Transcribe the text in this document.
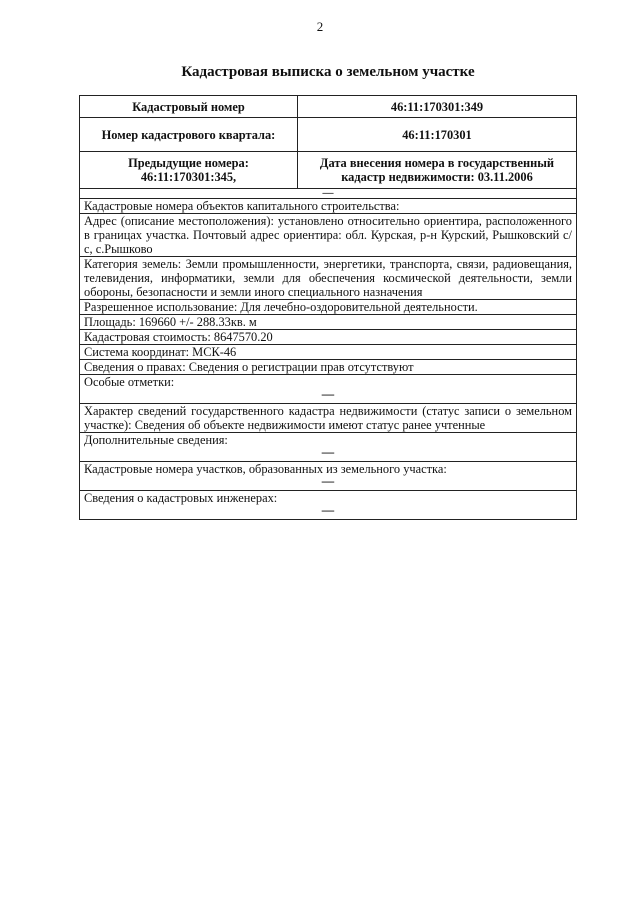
2
Кадастровая выписка о земельном участке
Кадастровый номер	46:11:170301:349
Номер кадастрового квартала:	46:11:170301

Предыдущие номера:
46:11:170301:345,	Дата внесения номера в государственный кадастр недвижимости: 03.11.2006
—	
Кадастровые номера объектов капитального строительства:	
Адрес (описание местоположения): установлено относительно ориентира, расположенного в границах участка. Почтовый адрес ориентира: обл. Курская, р-н Курский, Рышковский с/с, с.Рышково	
Категория земель: Земли промышленности, энергетики, транспорта, связи, радиовещания, телевидения, информатики, земли для обеспечения космической деятельности, земли обороны, безопасности и земли иного специального назначения	
Разрешенное использование: Для лечебно-оздоровительной деятельности.	
Площадь: 169660 +/- 288.33кв. м	
Кадастровая стоимость: 8647570.20	
Система координат: МСК-46	
Сведения о правах: Сведения о регистрации прав отсутствуют	

Особые отметки:
—	

Характер сведений государственного кадастра недвижимости (статус записи о земельном участке): Сведения об объекте недвижимости имеют статус ранее учтенные	

Дополнительные сведения:
—	

Кадастровые номера участков, образованных из земельного участка:
—	

Сведения о кадастровых инженерах:
—	
